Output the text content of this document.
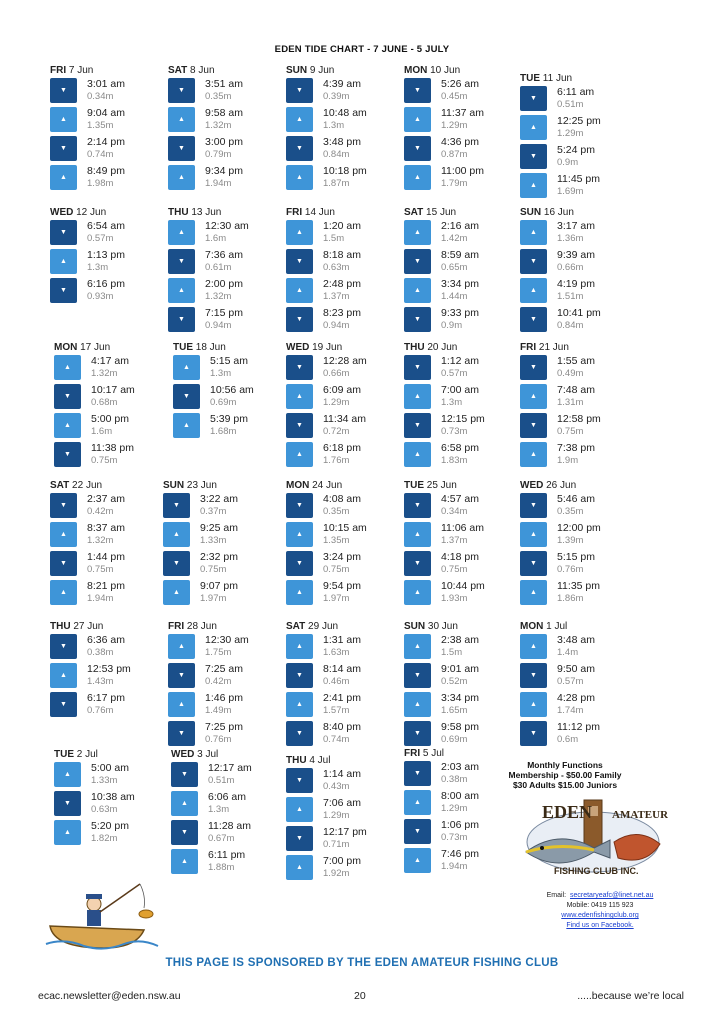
EDEN TIDE CHART - 7 JUNE - 5 JULY
FRI 7 Jun
▼
3:01 am
0.34m
▲
9:04 am
1.35m
▼
2:14 pm
0.74m
▲
8:49 pm
1.98m
SAT 8 Jun
▼
3:51 am
0.35m
▲
9:58 am
1.32m
▼
3:00 pm
0.79m
▲
9:34 pm
1.94m
SUN 9 Jun
▼
4:39 am
0.39m
▲
10:48 am
1.3m
▼
3:48 pm
0.84m
▲
10:18 pm
1.87m
MON 10 Jun
▼
5:26 am
0.45m
▲
11:37 am
1.29m
▼
4:36 pm
0.87m
▲
11:00 pm
1.79m
TUE 11 Jun
▼
6:11 am
0.51m
▲
12:25 pm
1.29m
▼
5:24 pm
0.9m
▲
11:45 pm
1.69m
WED 12 Jun
▼
6:54 am
0.57m
▲
1:13 pm
1.3m
▼
6:16 pm
0.93m
THU 13 Jun
▲
12:30 am
1.6m
▼
7:36 am
0.61m
▲
2:00 pm
1.32m
▼
7:15 pm
0.94m
FRI 14 Jun
▲
1:20 am
1.5m
▼
8:18 am
0.63m
▲
2:48 pm
1.37m
▼
8:23 pm
0.94m
SAT 15 Jun
▲
2:16 am
1.42m
▼
8:59 am
0.65m
▲
3:34 pm
1.44m
▼
9:33 pm
0.9m
SUN 16 Jun
▲
3:17 am
1.36m
▼
9:39 am
0.66m
▲
4:19 pm
1.51m
▼
10:41 pm
0.84m
MON 17 Jun
▲
4:17 am
1.32m
▼
10:17 am
0.68m
▲
5:00 pm
1.6m
▼
11:38 pm
0.75m
TUE 18 Jun
▲
5:15 am
1.3m
▼
10:56 am
0.69m
▲
5:39 pm
1.68m
WED 19 Jun
▼
12:28 am
0.66m
▲
6:09 am
1.29m
▼
11:34 am
0.72m
▲
6:18 pm
1.76m
THU 20 Jun
▼
1:12 am
0.57m
▲
7:00 am
1.3m
▼
12:15 pm
0.73m
▲
6:58 pm
1.83m
FRI 21 Jun
▼
1:55 am
0.49m
▲
7:48 am
1.31m
▼
12:58 pm
0.75m
▲
7:38 pm
1.9m
SAT 22 Jun
▼
2:37 am
0.42m
▲
8:37 am
1.32m
▼
1:44 pm
0.75m
▲
8:21 pm
1.94m
SUN 23 Jun
▼
3:22 am
0.37m
▲
9:25 am
1.33m
▼
2:32 pm
0.75m
▲
9:07 pm
1.97m
MON 24 Jun
▼
4:08 am
0.35m
▲
10:15 am
1.35m
▼
3:24 pm
0.75m
▲
9:54 pm
1.97m
TUE 25 Jun
▼
4:57 am
0.34m
▲
11:06 am
1.37m
▼
4:18 pm
0.75m
▲
10:44 pm
1.93m
WED 26 Jun
▼
5:46 am
0.35m
▲
12:00 pm
1.39m
▼
5:15 pm
0.76m
▲
11:35 pm
1.86m
THU 27 Jun
▼
6:36 am
0.38m
▲
12:53 pm
1.43m
▼
6:17 pm
0.76m
FRI 28 Jun
▲
12:30 am
1.75m
▼
7:25 am
0.42m
▲
1:46 pm
1.49m
▼
7:25 pm
0.76m
SAT 29 Jun
▲
1:31 am
1.63m
▼
8:14 am
0.46m
▲
2:41 pm
1.57m
▼
8:40 pm
0.74m
SUN 30 Jun
▲
2:38 am
1.5m
▼
9:01 am
0.52m
▲
3:34 pm
1.65m
▼
9:58 pm
0.69m
MON 1 Jul
▲
3:48 am
1.4m
▼
9:50 am
0.57m
▲
4:28 pm
1.74m
▼
11:12 pm
0.6m
TUE 2 Jul
▲
5:00 am
1.33m
▼
10:38 am
0.63m
▲
5:20 pm
1.82m
WED 3 Jul
▼
12:17 am
0.51m
▲
6:06 am
1.3m
▼
11:28 am
0.67m
▲
6:11 pm
1.88m
THU 4 Jul
▼
1:14 am
0.43m
▲
7:06 am
1.29m
▼
12:17 pm
0.71m
▲
7:00 pm
1.92m
FRI 5 Jul
▼
2:03 am
0.38m
▲
8:00 am
1.29m
▼
1:06 pm
0.73m
▲
7:46 pm
1.94m
Monthly Functions
Membership - $50.00 Family
$30 Adults $15.00 Juniors
EDEN AMATEUR
FISHING CLUB INC.
Email: secretaryeafc@linet.net.au
Mobile: 0419 115 923
www.edenfishingclub.org
Find us on Facebook.
THIS PAGE IS SPONSORED BY THE EDEN AMATEUR FISHING CLUB
ecac.newsletter@eden.nsw.au	20	.....because we’re local
